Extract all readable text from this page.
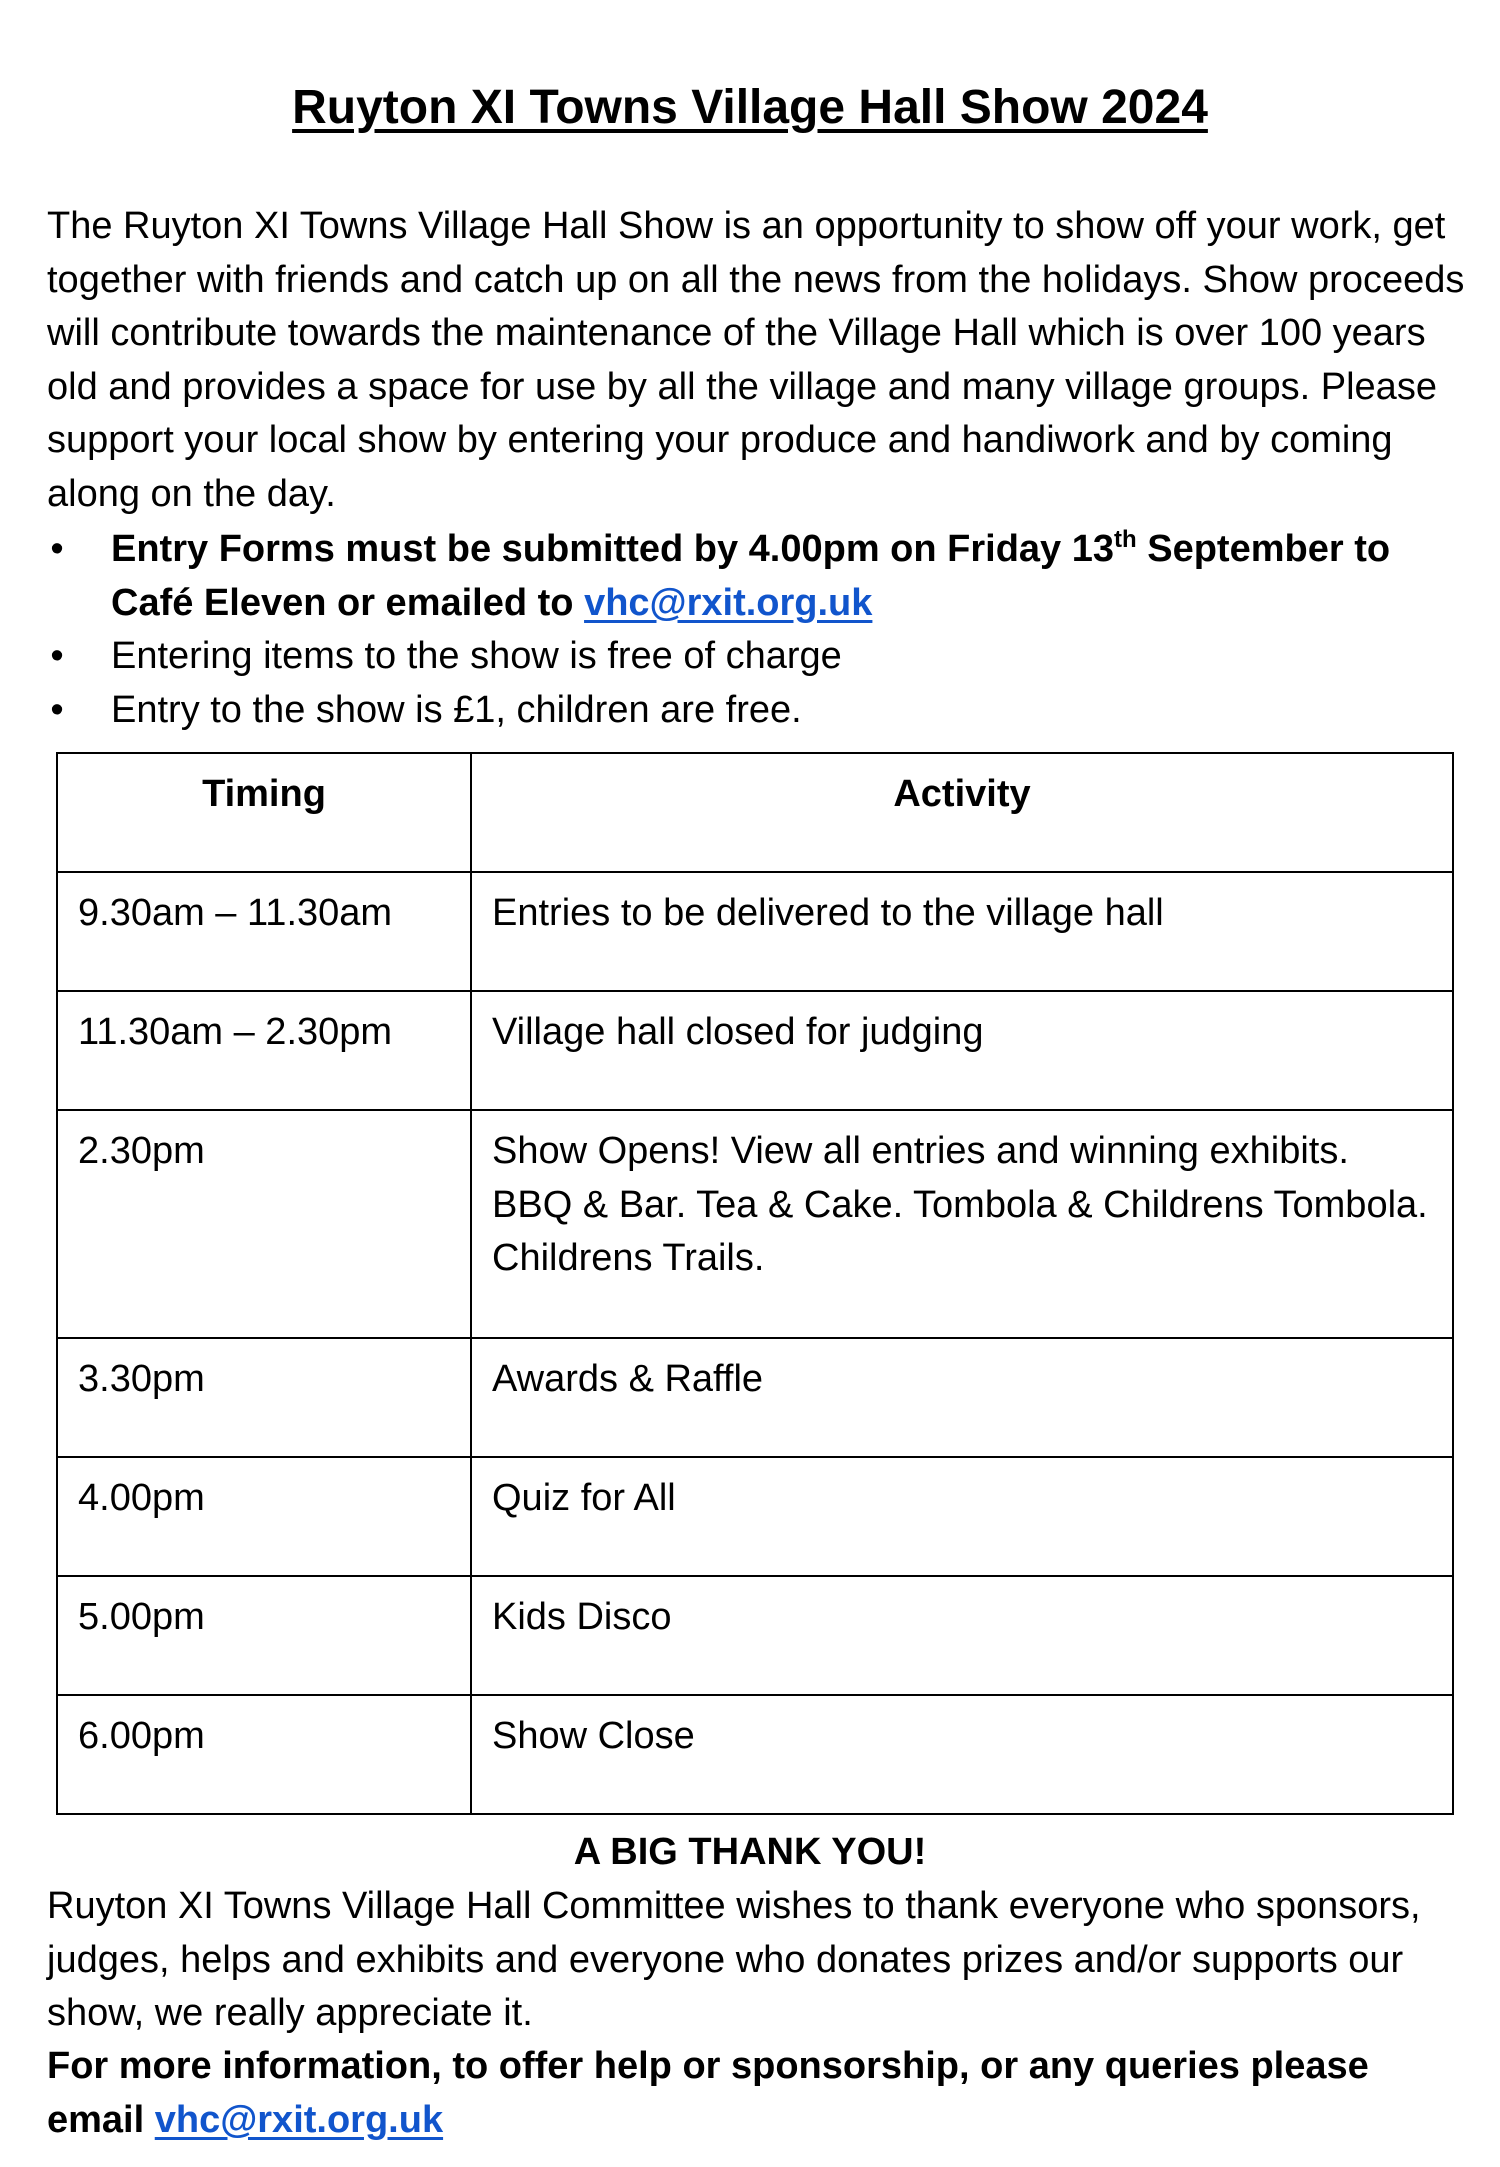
Ruyton XI Towns Village Hall Show 2024

The Ruyton XI Towns Village Hall Show is an opportunity to show off your work, get together with friends and catch up on all the news from the holidays. Show proceeds will contribute towards the maintenance of the Village Hall which is over 100 years old and provides a space for use by all the village and many village groups. Please support your local show by entering your produce and handiwork and by coming along on the day.

• Entry Forms must be submitted by 4.00pm on Friday 13th September to Café Eleven or emailed to vhc@rxit.org.uk
• Entering items to the show is free of charge
• Entry to the show is £1, children are free.
Timing	Activity
9.30am – 11.30am	Entries to be delivered to the village hall
11.30am – 2.30pm	Village hall closed for judging
2.30pm	Show Opens! View all entries and winning exhibits. BBQ & Bar. Tea & Cake. Tombola & Childrens Tombola. Childrens Trails.
3.30pm	Awards & Raffle
4.00pm	Quiz for All
5.00pm	Kids Disco
6.00pm	Show Close
A BIG THANK YOU!

Ruyton XI Towns Village Hall Committee wishes to thank everyone who sponsors, judges, helps and exhibits and everyone who donates prizes and/or supports our show, we really appreciate it.

For more information, to offer help or sponsorship, or any queries please email vhc@rxit.org.uk
